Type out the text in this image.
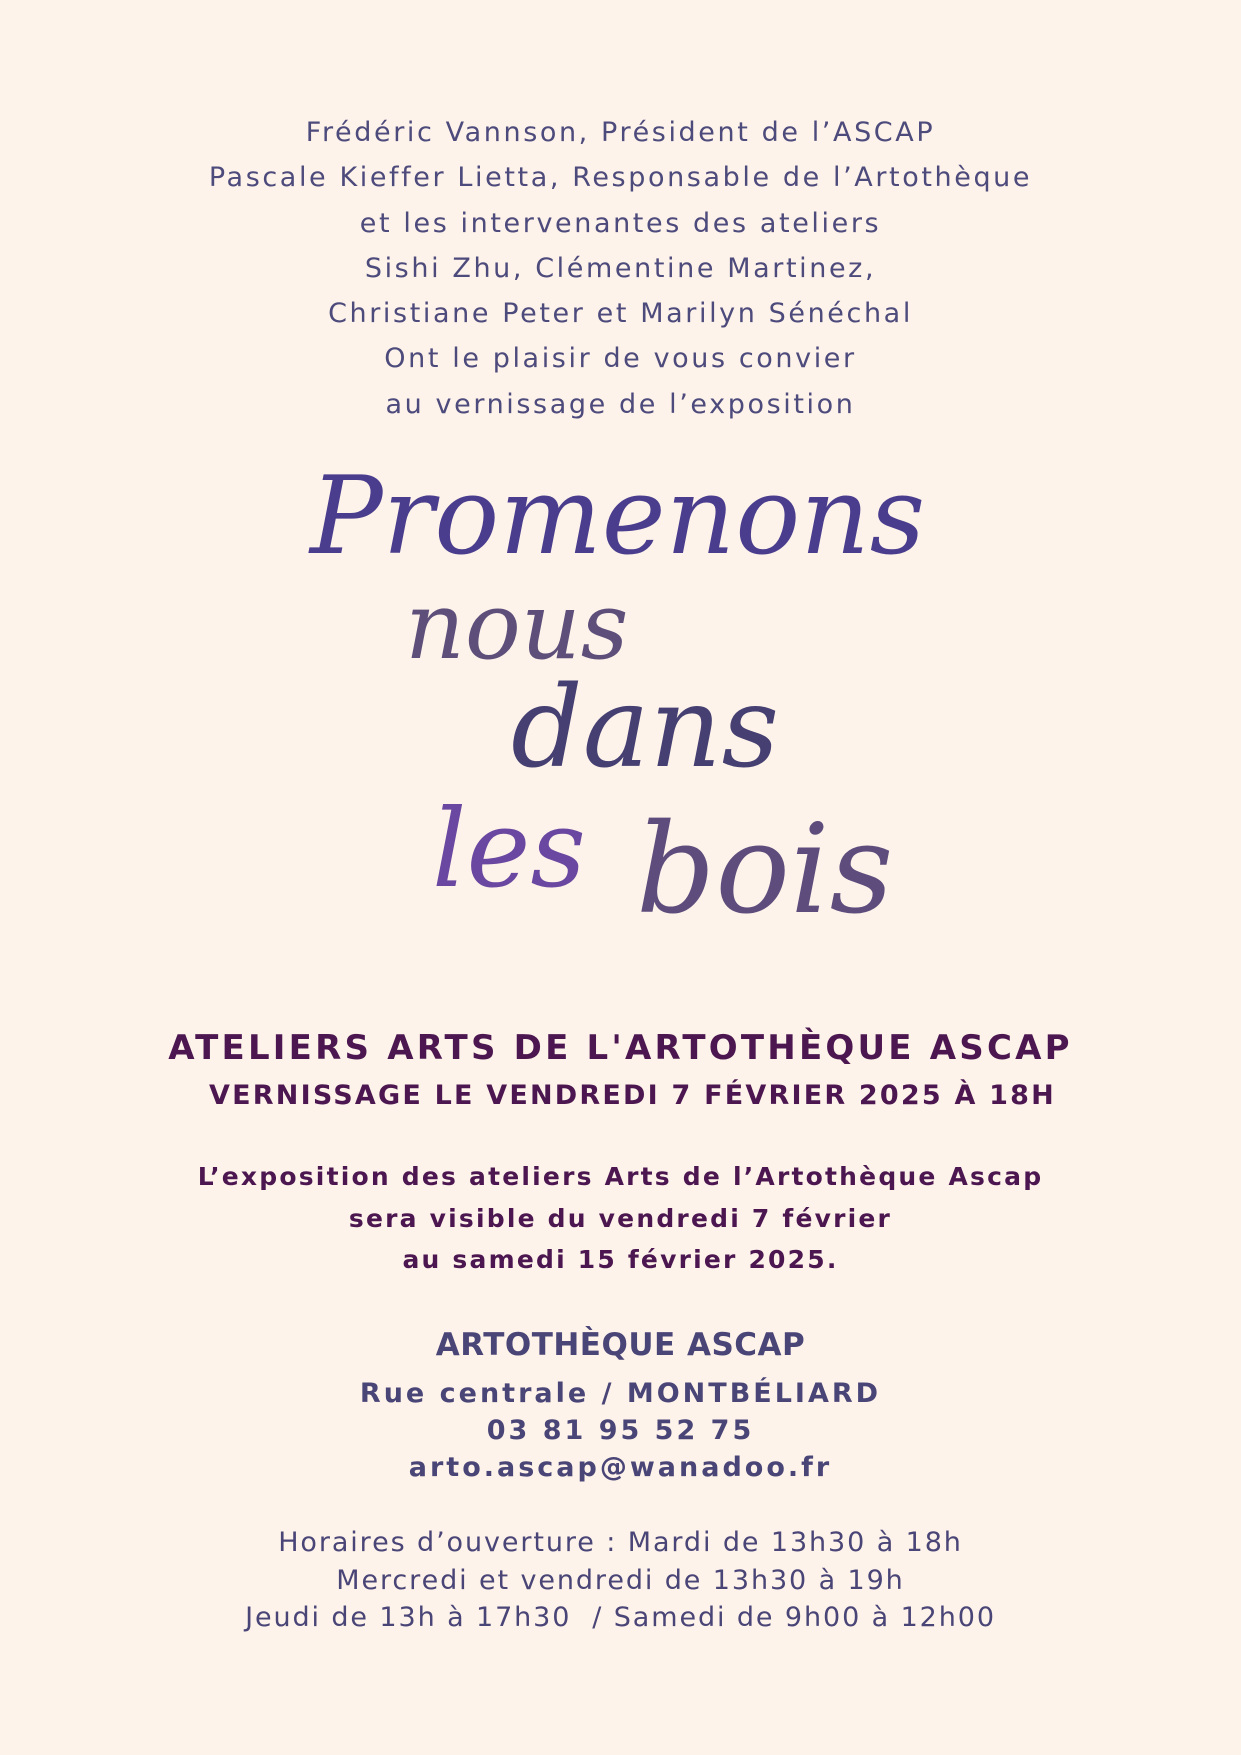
Frédéric Vannson, Président de l’ASCAP
Pascale Kieffer Lietta, Responsable de l’Artothèque
et les intervenantes des ateliers
Sishi Zhu, Clémentine Martinez,
Christiane Peter et Marilyn Sénéchal
Ont le plaisir de vous convier
au vernissage de l’exposition
Promenons
nous
dans
les bois
ATELIERS ARTS DE L'ARTOTHÈQUE ASCAP
VERNISSAGE LE VENDREDI 7 FÉVRIER 2025 À 18H
L’exposition des ateliers Arts de l’Artothèque Ascap
sera visible du vendredi 7 février
au samedi 15 février 2025.
ARTOTHÈQUE ASCAP
Rue centrale / MONTBÉLIARD
03 81 95 52 75
arto.ascap@wanadoo.fr
Horaires d’ouverture : Mardi de 13h30 à 18h
Mercredi et vendredi de 13h30 à 19h
Jeudi de 13h à 17h30  / Samedi de 9h00 à 12h00
